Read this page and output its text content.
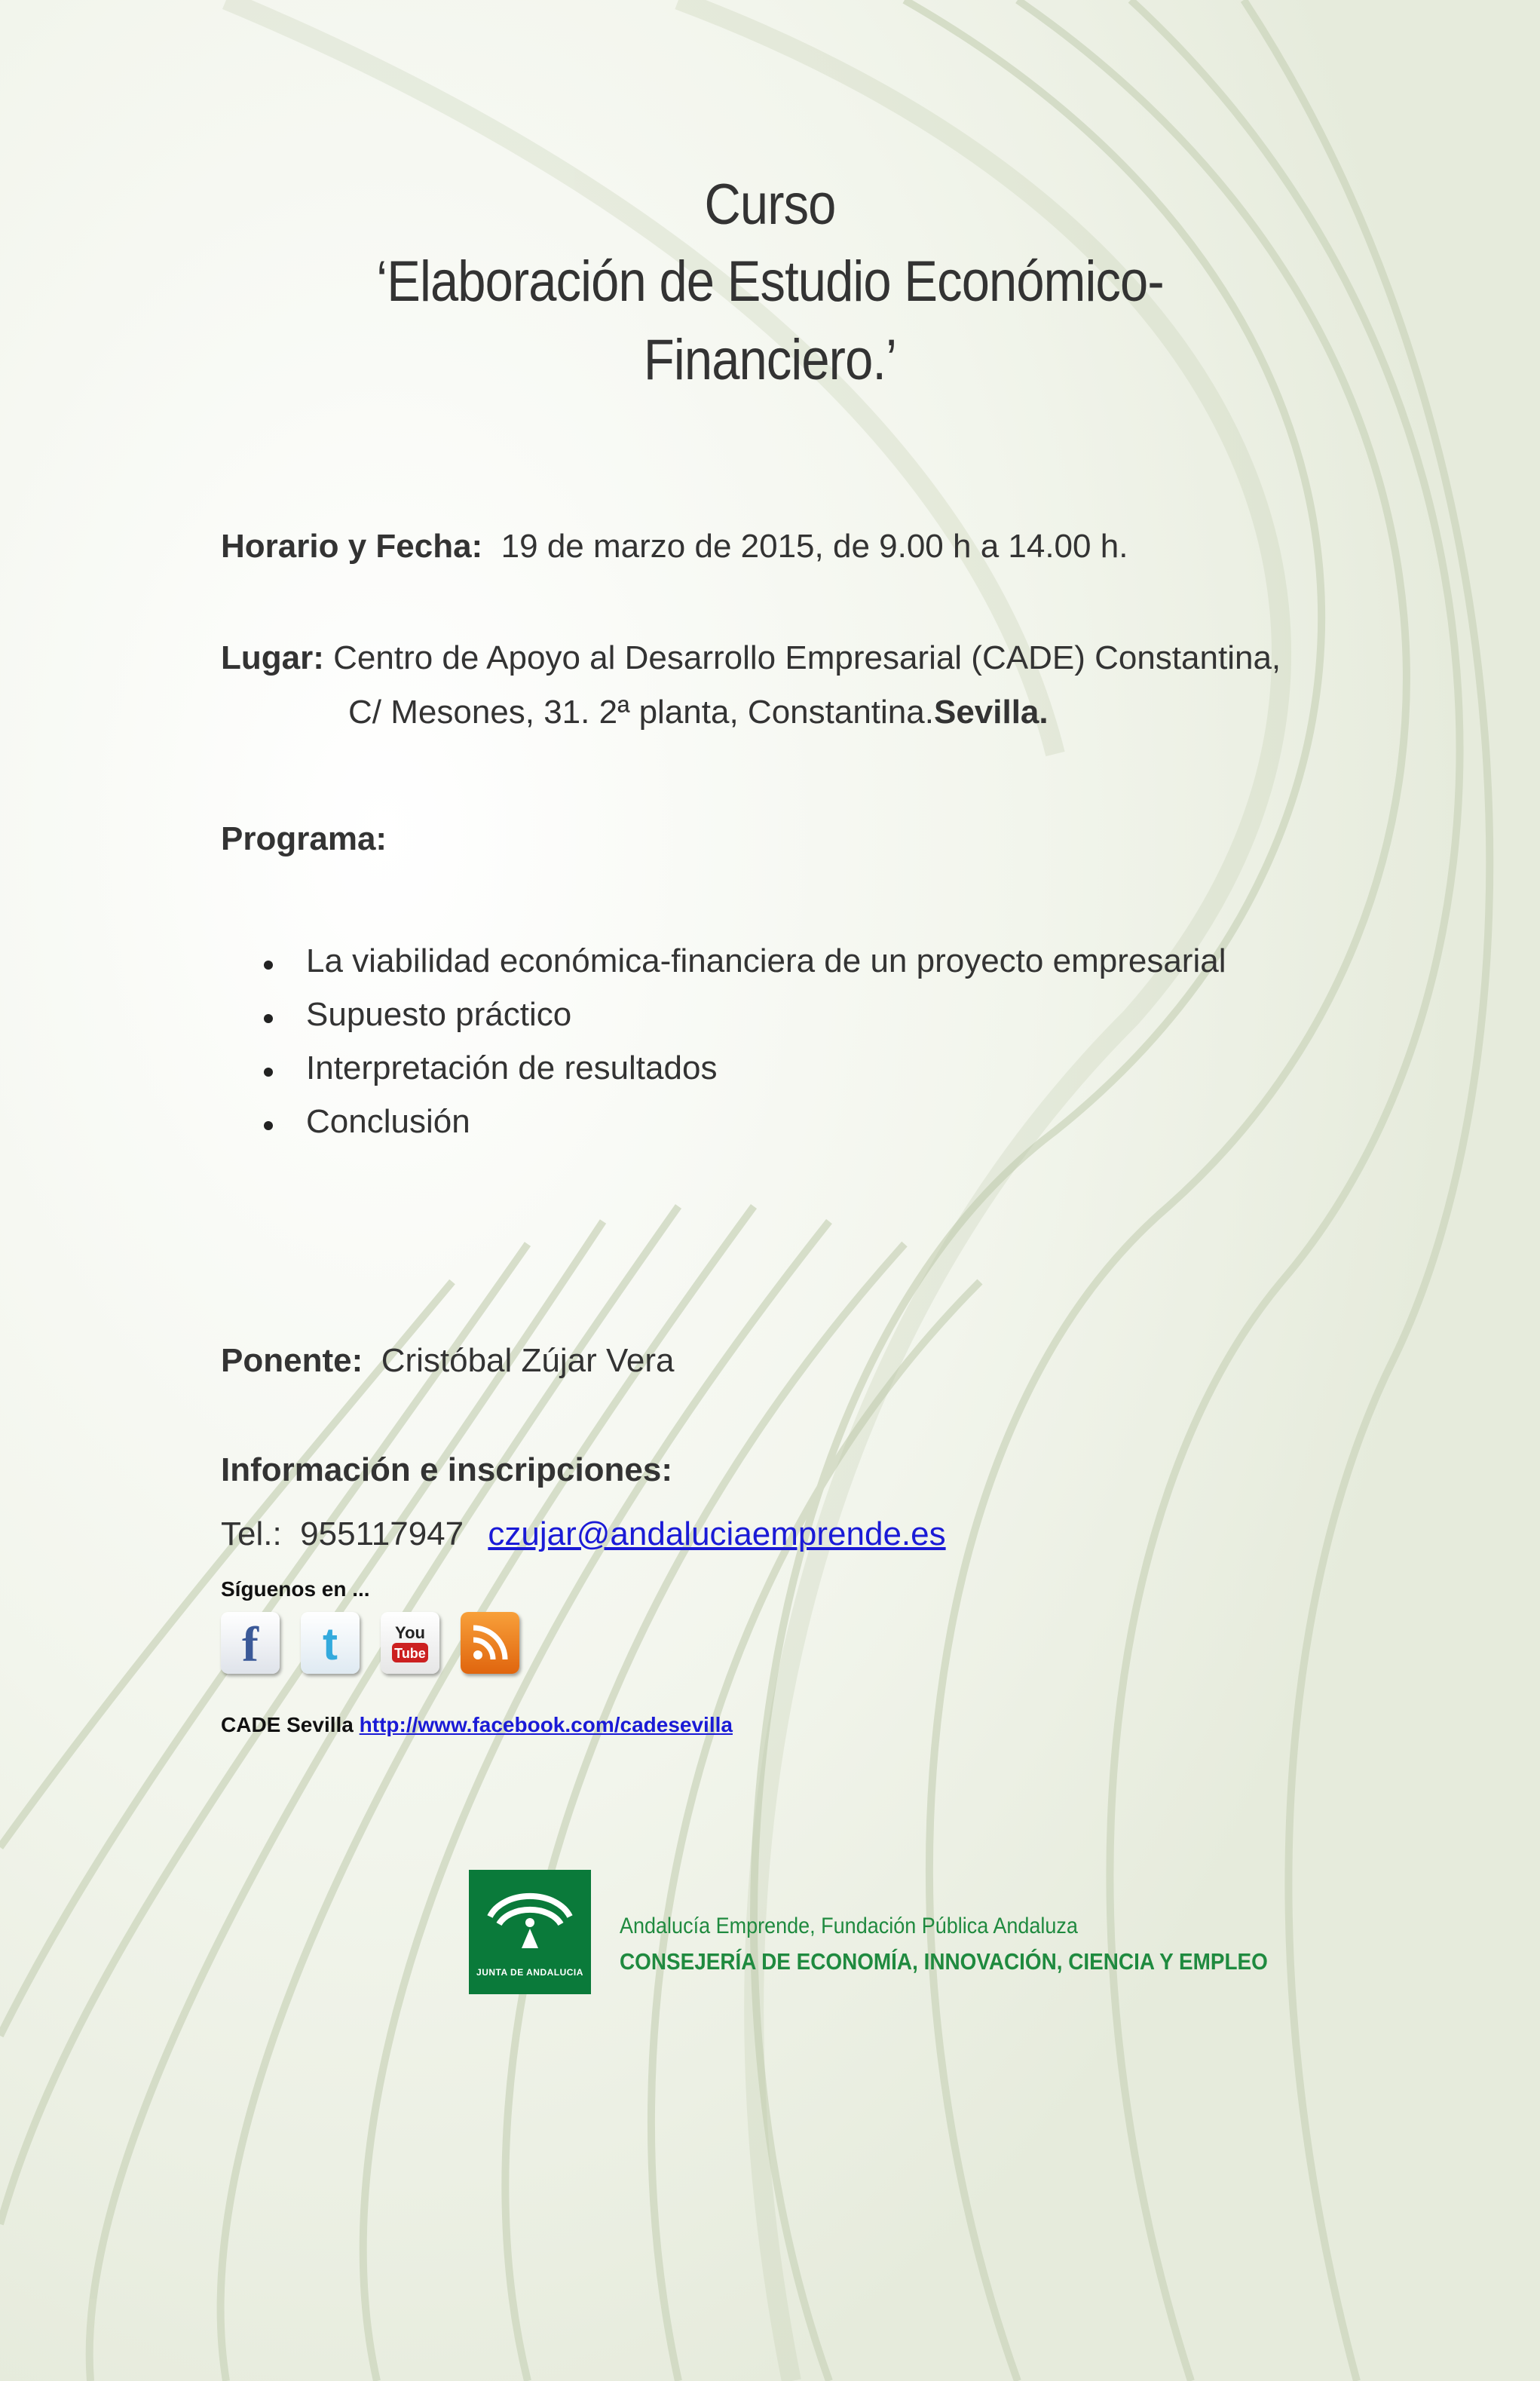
Curso
‘Elaboración de Estudio Económico-
Financiero.’
Horario y Fecha: 19 de marzo de 2015, de 9.00 h a 14.00 h.
Lugar: Centro de Apoyo al Desarrollo Empresarial (CADE) Constantina,
C/ Mesones, 31. 2ª planta, Constantina.Sevilla.
Programa:
La viabilidad económica-financiera de un proyecto empresarial
Supuesto práctico
Interpretación de resultados
Conclusión
Ponente: Cristóbal Zújar Vera
Información e inscripciones:
Tel.: 955117947 czujar@andaluciaemprende.es
Síguenos en ...
f t	You
Tube
CADE Sevilla http://www.facebook.com/cadesevilla
JUNTA DE ANDALUCIA
Andalucía Emprende, Fundación Pública Andaluza
CONSEJERÍA DE ECONOMÍA, INNOVACIÓN, CIENCIA Y EMPLEO
